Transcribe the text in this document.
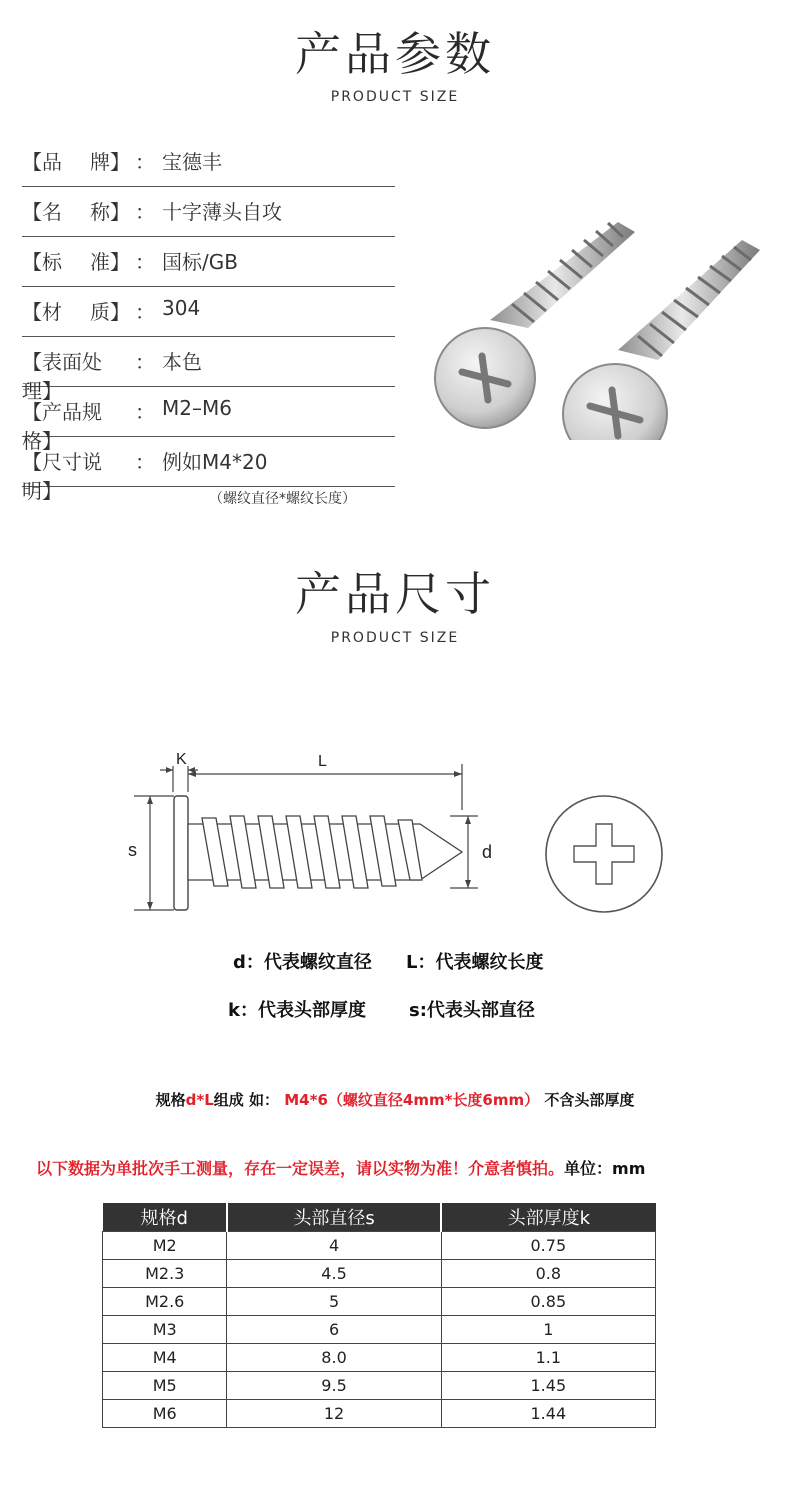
产品参数
PRODUCT SIZE
【品 牌】 ： 宝德丰
【名 称】 ： 十字薄头自攻
【标 准】 ： 国标/GB
【材 质】 ： 304
【表面处理】
： 本色
【产品规格】
： M2–M6
【尺寸说明】
： 例如M4*20
（螺纹直径*螺纹长度）
产品尺寸
PRODUCT SIZE
K	L
s	d
d：代表螺纹直径 L：代表螺纹长度
k：代表头部厚度 s:代表头部直径
规格d*L组成 如： M4*6（螺纹直径4mm*长度6mm） 不含头部厚度
以下数据为单批次手工测量，存在一定误差，请以实物为准！介意者慎拍。单位：mm
规格d	头部直径s	头部厚度k
M2	4	0.75
M2.3	4.5	0.8
M2.6	5	0.85
M3	6	1
M4	8.0	1.1
M5	9.5	1.45
M6	12	1.44
